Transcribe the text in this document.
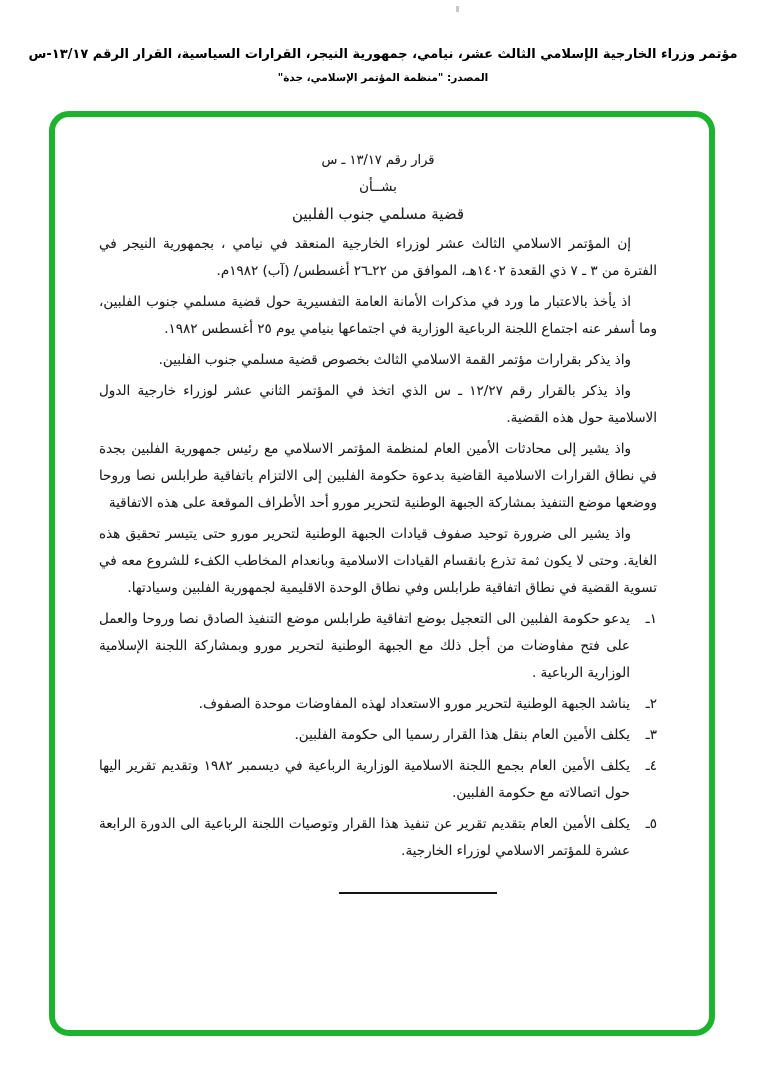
مؤتمر وزراء الخارجية الإسلامي الثالث عشر، نيامي، جمهورية النيجر، القرارات السياسية، القرار الرقم ١٣/١٧-س
المصدر: "منظمة المؤتمر الإسلامي، جدة"
قرار رقم ١٣/١٧ ـ س
بشــأن
قضية مسلمي جنوب الفلبين

إن المؤتمر الاسلامي الثالث عشر لوزراء الخارجية المنعقد في نيامي ، بجمهورية النيجر في الفترة من ٣ ـ ٧ ذي القعدة ١٤٠٢هـ، الموافق من ٢٢ـ٢٦ أغسطس/ (آب) ١٩٨٢م.

اذ يأخذ بالاعتبار ما ورد في مذكرات الأمانة العامة التفسيرية حول قضية مسلمي جنوب الفلبين، وما أسفر عنه اجتماع اللجنة الرباعية الوزارية في اجتماعها بنيامي يوم ٢٥ أغسطس ١٩٨٢.

واذ يذكر بقرارات مؤتمر القمة الاسلامي الثالث بخصوص قضية مسلمي جنوب الفلبين.

واذ يذكر بالقرار رقم ١٢/٢٧ ـ س الذي اتخذ في المؤتمر الثاني عشر لوزراء خارجية الدول الاسلامية حول هذه القضية.

واذ يشير إلى محادثات الأمين العام لمنظمة المؤتمر الاسلامي مع رئيس جمهورية الفلبين بجدة في نطاق القرارات الاسلامية القاضية بدعوة حكومة الفلبين إلى الالتزام باتفاقية طرابلس نصا وروحا ووضعها موضع التنفيذ بمشاركة الجبهة الوطنية لتحرير مورو أحد الأطراف الموقعة على هذه الاتفاقية

واذ يشير الى ضرورة توحيد صفوف قيادات الجبهة الوطنية لتحرير مورو حتى يتيسر تحقيق هذه الغاية. وحتى لا يكون ثمة تذرع بانقسام القيادات الاسلامية وبانعدام المخاطب الكفء للشروع معه في تسوية القضية في نطاق اتفاقية طرابلس وفي نطاق الوحدة الاقليمية لجمهورية الفلبين وسيادتها.

١ـ
يدعو حكومة الفلبين الى التعجيل بوضع اتفاقية طرابلس موضع التنفيذ الصادق نصا وروحا والعمل على فتح مفاوضات من أجل ذلك مع الجبهة الوطنية لتحرير مورو وبمشاركة اللجنة الإسلامية الوزارية الرباعية .
٢ـ
يناشد الجبهة الوطنية لتحرير مورو الاستعداد لهذه المفاوضات موحدة الصفوف.
٣ـ
يكلف الأمين العام بنقل هذا القرار رسميا الى حكومة الفلبين.
٤ـ
يكلف الأمين العام بجمع اللجنة الاسلامية الوزارية الرباعية في ديسمبر ١٩٨٢ وتقديم تقرير اليها حول اتصالاته مع حكومة الفلبين.
٥ـ
يكلف الأمين العام بتقديم تقرير عن تنفيذ هذا القرار وتوصيات اللجنة الرباعية الى الدورة الرابعة عشرة للمؤتمر الاسلامي لوزراء الخارجية.
